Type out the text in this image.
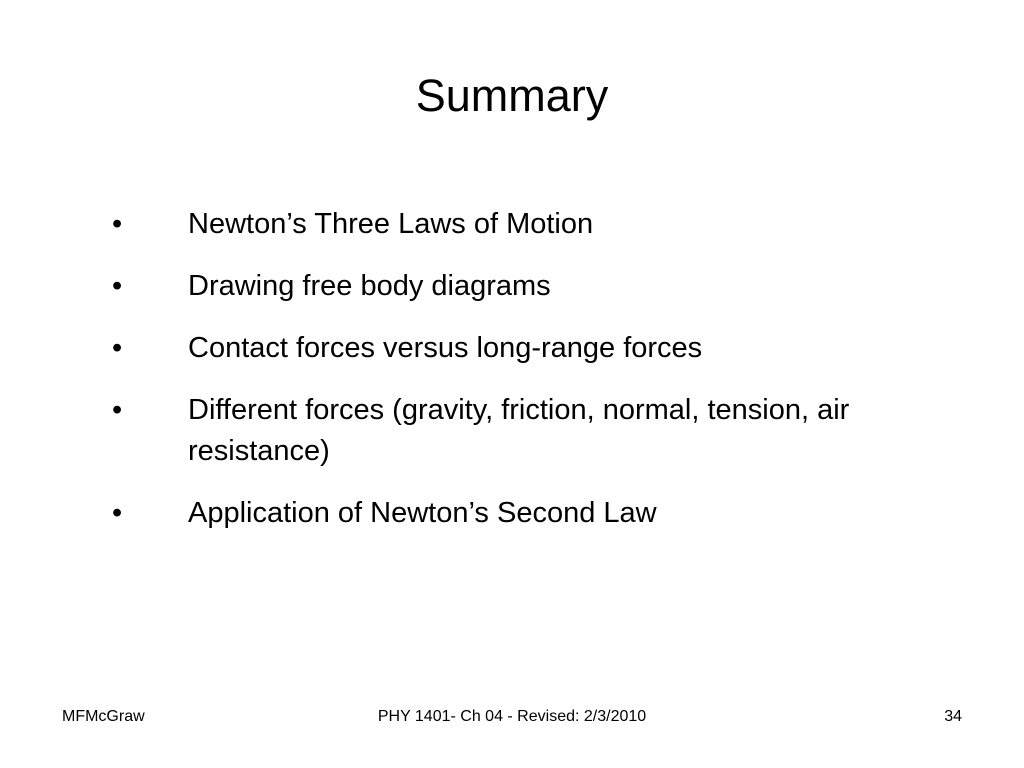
Summary
•	Newton’s Three Laws of Motion
•	Drawing free body diagrams
•	Contact forces versus long-range forces
•	Different forces (gravity, friction, normal, tension, air resistance)
•	Application of Newton’s Second Law
MFMcGraw	PHY 1401- Ch 04 - Revised: 2/3/2010	34
